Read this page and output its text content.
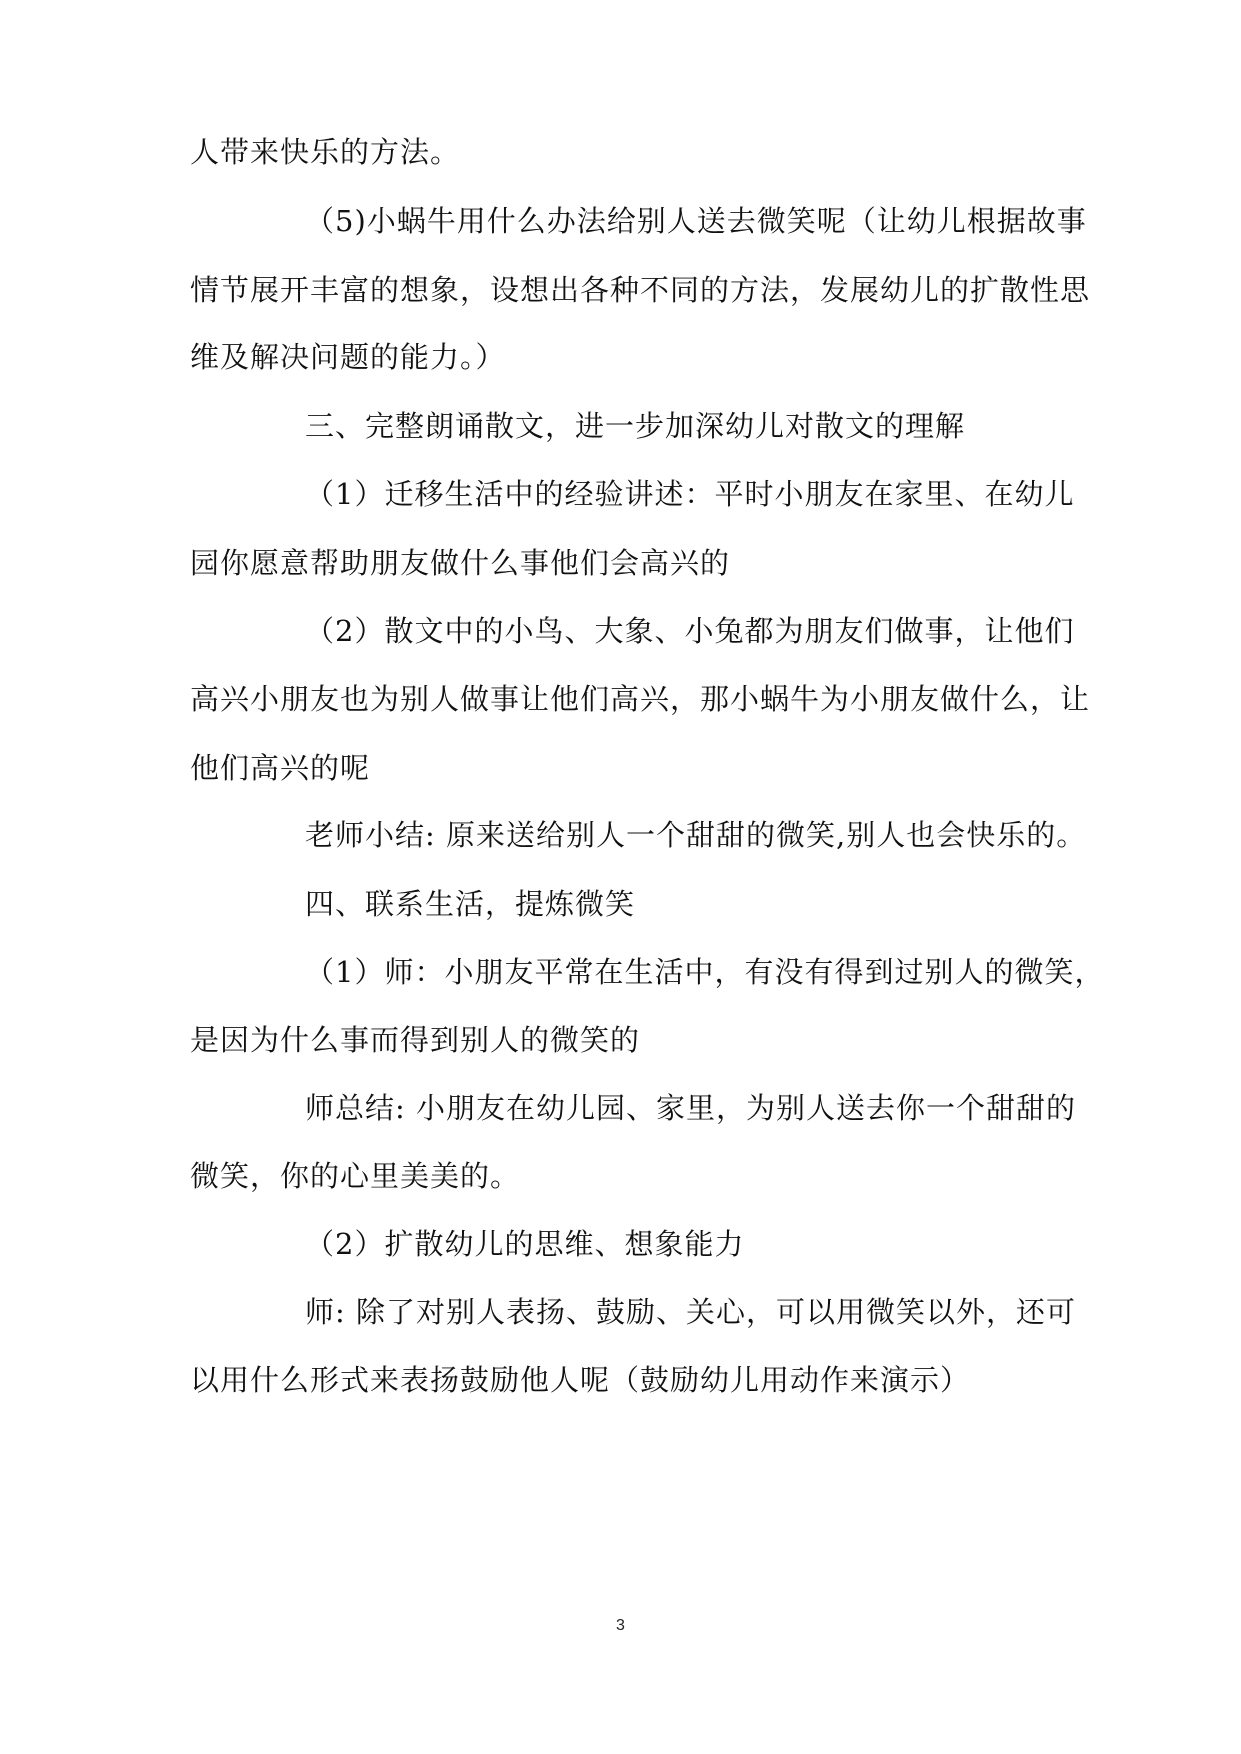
人带来快乐的方法。
（5)小蜗牛用什么办法给别人送去微笑呢（让幼儿根据故事
情节展开丰富的想象，设想出各种不同的方法，发展幼儿的扩散性思
维及解决问题的能力。）
三、完整朗诵散文，进一步加深幼儿对散文的理解
（1）迁移生活中的经验讲述：平时小朋友在家里、在幼儿
园你愿意帮助朋友做什么事他们会高兴的
（2）散文中的小鸟、大象、小兔都为朋友们做事，让他们
高兴小朋友也为别人做事让他们高兴，那小蜗牛为小朋友做什么，让
他们高兴的呢
老师小结: 原来送给别人一个甜甜的微笑,别人也会快乐的。
四、联系生活，提炼微笑
（1）师：小朋友平常在生活中，有没有得到过别人的微笑，
是因为什么事而得到别人的微笑的
师总结: 小朋友在幼儿园、家里，为别人送去你一个甜甜的
微笑，你的心里美美的。
（2）扩散幼儿的思维、想象能力
师: 除了对别人表扬、鼓励、关心，可以用微笑以外，还可
以用什么形式来表扬鼓励他人呢（鼓励幼儿用动作来演示）
3
